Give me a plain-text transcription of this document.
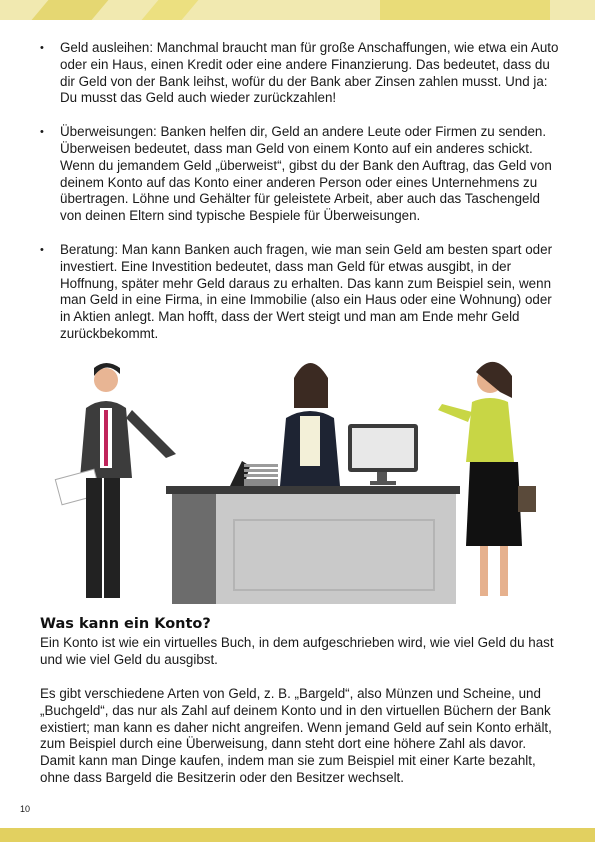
• Geld ausleihen: Manchmal braucht man für große Anschaffungen, wie etwa ein Auto oder ein Haus, einen Kredit oder eine andere Finanzierung. Das bedeutet, dass du dir Geld von der Bank leihst, wofür du der Bank aber Zinsen zahlen musst. Und ja: Du musst das Geld auch wieder zurückzahlen!
• Überweisungen: Banken helfen dir, Geld an andere Leute oder Firmen zu senden. Überweisen bedeutet, dass man Geld von einem Konto auf ein anderes schickt. Wenn du jemandem Geld „überweist“, gibst du der Bank den Auftrag, das Geld von deinem Konto auf das Konto einer anderen Person oder eines Unternehmens zu übertragen. Löhne und Gehälter für geleistete Arbeit, aber auch das Taschengeld von deinen Eltern sind typische Bespiele für Überweisungen.
• Beratung: Man kann Banken auch fragen, wie man sein Geld am besten spart oder investiert. Eine Investition bedeutet, dass man Geld für etwas ausgibt, in der Hoffnung, später mehr Geld daraus zu erhalten. Das kann zum Beispiel sein, wenn man Geld in eine Firma, in eine Immobilie (also ein Haus oder eine Wohnung) oder in Aktien anlegt. Man hofft, dass der Wert steigt und man am Ende mehr Geld zurückbekommt.
Was kann ein Konto?

Ein Konto ist wie ein virtuelles Buch, in dem aufgeschrieben wird, wie viel Geld du hast und wie viel Geld du ausgibst.

Es gibt verschiedene Arten von Geld, z. B. „Bargeld“, also Münzen und Scheine, und „Buchgeld“, das nur als Zahl auf deinem Konto und in den virtuellen Büchern der Bank existiert; man kann es daher nicht angreifen. Wenn jemand Geld auf sein Konto erhält, zum Beispiel durch eine Überweisung, dann steht dort eine höhere Zahl als davor. Damit kann man Dinge kaufen, indem man sie zum Beispiel mit einer Karte bezahlt, ohne dass Bargeld die Besitzerin oder den Besitzer wechselt.

10
